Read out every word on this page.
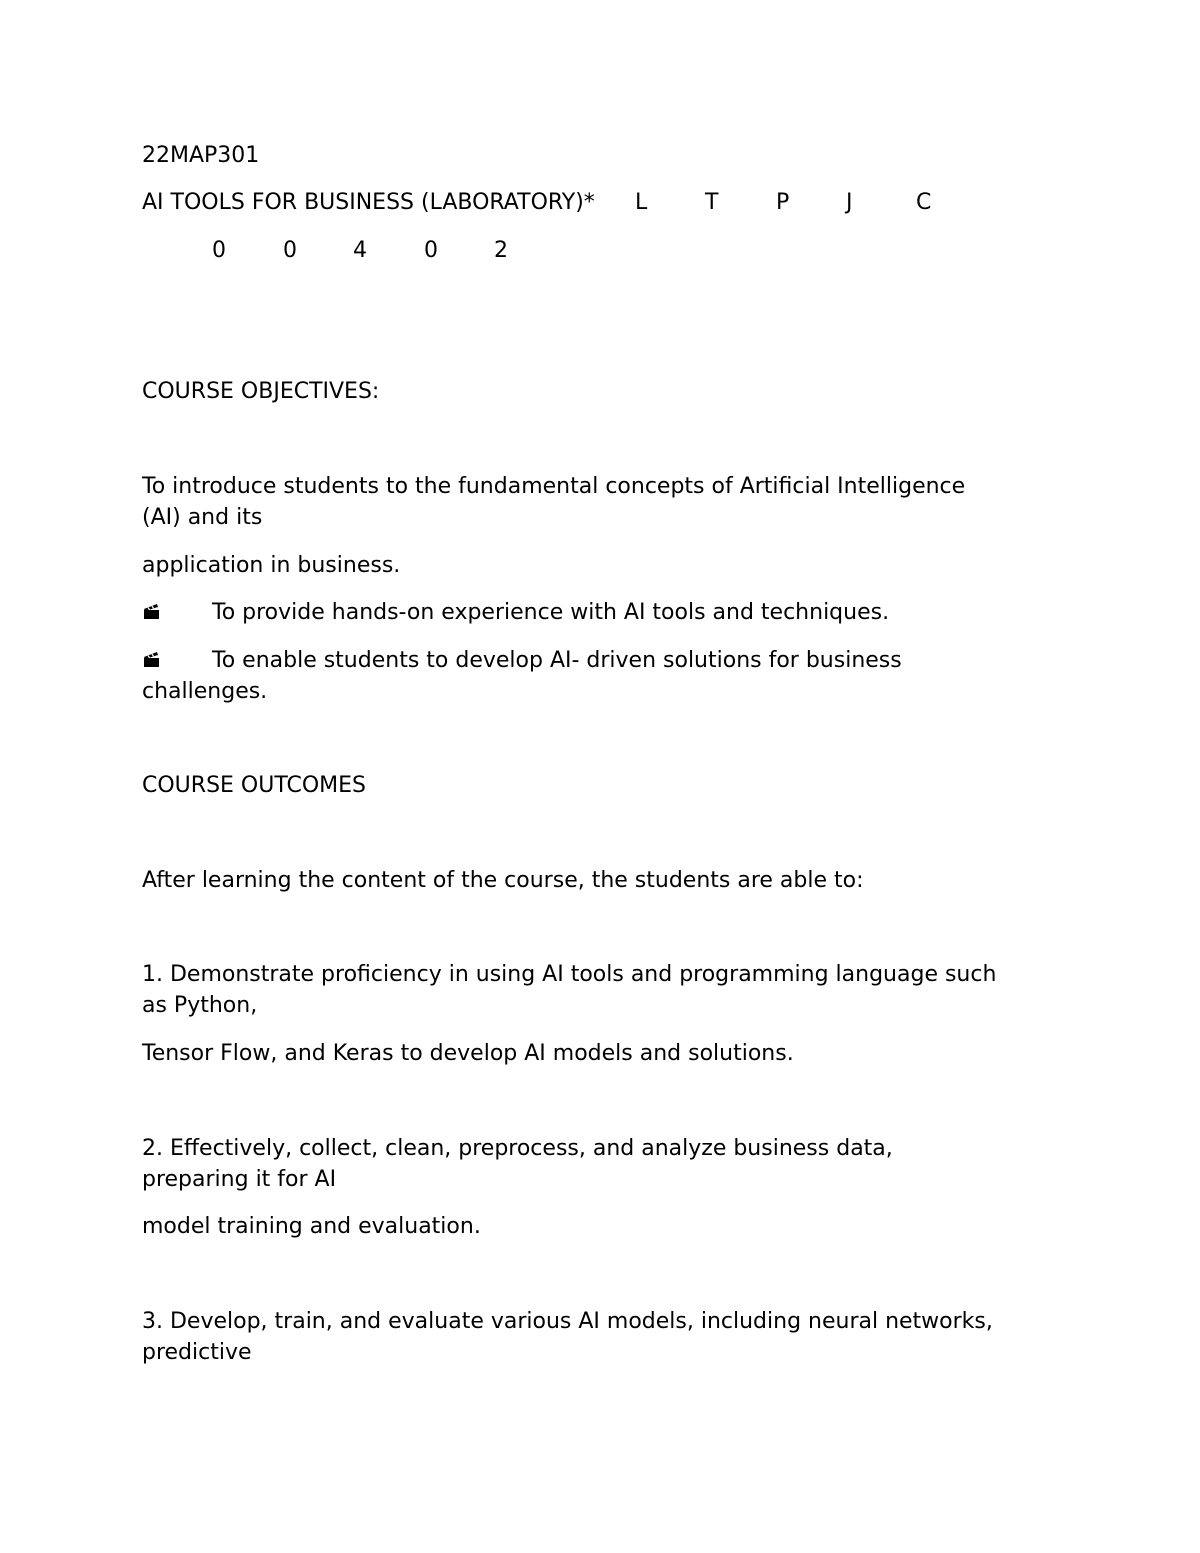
22MAP301
AI TOOLS FOR BUSINESS (LABORATORY)* L	T	P	J	C
0	0	4	0	2
COURSE OBJECTIVES:
To introduce students to the fundamental concepts of Artificial Intelligence
(AI) and its
application in business.
To provide hands-on experience with AI tools and techniques.
To enable students to develop AI- driven solutions for business
challenges.
COURSE OUTCOMES
After learning the content of the course, the students are able to:
1. Demonstrate proficiency in using AI tools and programming language such
as Python,
Tensor Flow, and Keras to develop AI models and solutions.
2. Effectively, collect, clean, preprocess, and analyze business data,
preparing it for AI
model training and evaluation.
3. Develop, train, and evaluate various AI models, including neural networks,
predictive
